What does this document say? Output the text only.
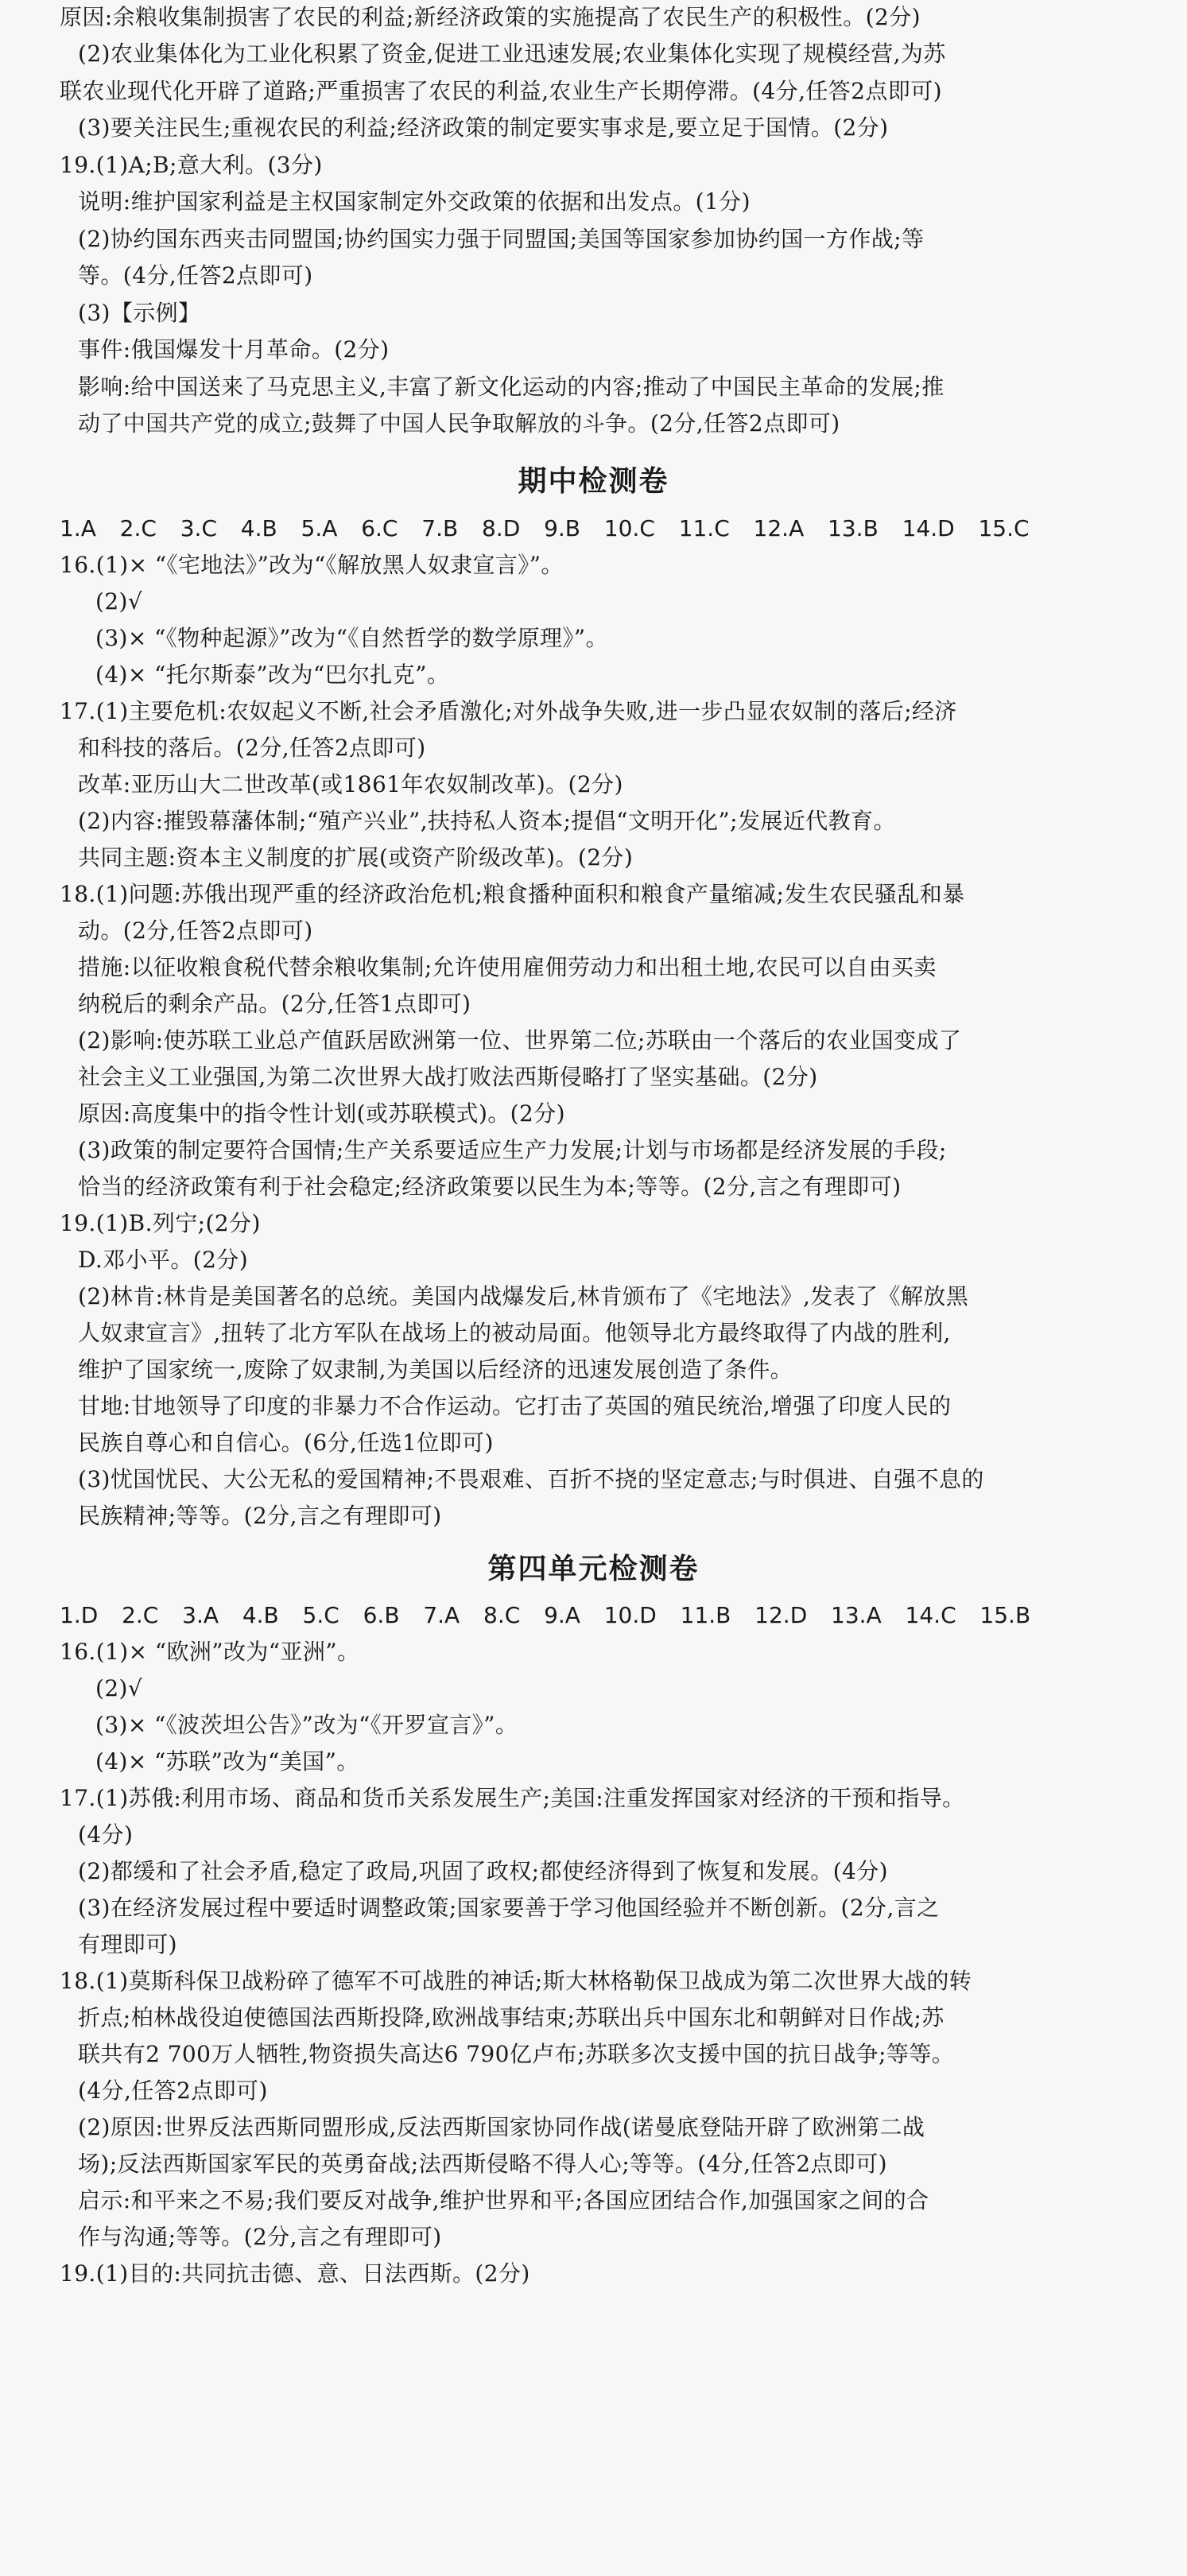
原因:余粮收集制损害了农民的利益;新经济政策的实施提高了农民生产的积极性。(2分)
(2)农业集体化为工业化积累了资金,促进工业迅速发展;农业集体化实现了规模经营,为苏
联农业现代化开辟了道路;严重损害了农民的利益,农业生产长期停滞。(4分,任答2点即可)
(3)要关注民生;重视农民的利益;经济政策的制定要实事求是,要立足于国情。(2分)
19.(1)A;B;意大利。(3分)
说明:维护国家利益是主权国家制定外交政策的依据和出发点。(1分)
(2)协约国东西夹击同盟国;协约国实力强于同盟国;美国等国家参加协约国一方作战;等
等。(4分,任答2点即可)
(3)【示例】
事件:俄国爆发十月革命。(2分)
影响:给中国送来了马克思主义,丰富了新文化运动的内容;推动了中国民主革命的发展;推
动了中国共产党的成立;鼓舞了中国人民争取解放的斗争。(2分,任答2点即可)
期中检测卷
1.A  2.C  3.C  4.B  5.A  6.C  7.B  8.D  9.B  10.C  11.C  12.A  13.B  14.D  15.C
16.(1)× “《宅地法》”改为“《解放黑人奴隶宣言》”。
(2)√
(3)× “《物种起源》”改为“《自然哲学的数学原理》”。
(4)× “托尔斯泰”改为“巴尔扎克”。
17.(1)主要危机:农奴起义不断,社会矛盾激化;对外战争失败,进一步凸显农奴制的落后;经济
和科技的落后。(2分,任答2点即可)
改革:亚历山大二世改革(或1861年农奴制改革)。(2分)
(2)内容:摧毁幕藩体制;“殖产兴业”,扶持私人资本;提倡“文明开化”;发展近代教育。
共同主题:资本主义制度的扩展(或资产阶级改革)。(2分)
18.(1)问题:苏俄出现严重的经济政治危机;粮食播种面积和粮食产量缩减;发生农民骚乱和暴
动。(2分,任答2点即可)
措施:以征收粮食税代替余粮收集制;允许使用雇佣劳动力和出租土地,农民可以自由买卖
纳税后的剩余产品。(2分,任答1点即可)
(2)影响:使苏联工业总产值跃居欧洲第一位、世界第二位;苏联由一个落后的农业国变成了
社会主义工业强国,为第二次世界大战打败法西斯侵略打了坚实基础。(2分)
原因:高度集中的指令性计划(或苏联模式)。(2分)
(3)政策的制定要符合国情;生产关系要适应生产力发展;计划与市场都是经济发展的手段;
恰当的经济政策有利于社会稳定;经济政策要以民生为本;等等。(2分,言之有理即可)
19.(1)B.列宁;(2分)
D.邓小平。(2分)
(2)林肯:林肯是美国著名的总统。美国内战爆发后,林肯颁布了《宅地法》,发表了《解放黑
人奴隶宣言》,扭转了北方军队在战场上的被动局面。他领导北方最终取得了内战的胜利,
维护了国家统一,废除了奴隶制,为美国以后经济的迅速发展创造了条件。
甘地:甘地领导了印度的非暴力不合作运动。它打击了英国的殖民统治,增强了印度人民的
民族自尊心和自信心。(6分,任选1位即可)
(3)忧国忧民、大公无私的爱国精神;不畏艰难、百折不挠的坚定意志;与时俱进、自强不息的
民族精神;等等。(2分,言之有理即可)
第四单元检测卷
1.D  2.C  3.A  4.B  5.C  6.B  7.A  8.C  9.A  10.D  11.B  12.D  13.A  14.C  15.B
16.(1)× “欧洲”改为“亚洲”。
(2)√
(3)× “《波茨坦公告》”改为“《开罗宣言》”。
(4)× “苏联”改为“美国”。
17.(1)苏俄:利用市场、商品和货币关系发展生产;美国:注重发挥国家对经济的干预和指导。
(4分)
(2)都缓和了社会矛盾,稳定了政局,巩固了政权;都使经济得到了恢复和发展。(4分)
(3)在经济发展过程中要适时调整政策;国家要善于学习他国经验并不断创新。(2分,言之
有理即可)
18.(1)莫斯科保卫战粉碎了德军不可战胜的神话;斯大林格勒保卫战成为第二次世界大战的转
折点;柏林战役迫使德国法西斯投降,欧洲战事结束;苏联出兵中国东北和朝鲜对日作战;苏
联共有2 700万人牺牲,物资损失高达6 790亿卢布;苏联多次支援中国的抗日战争;等等。
(4分,任答2点即可)
(2)原因:世界反法西斯同盟形成,反法西斯国家协同作战(诺曼底登陆开辟了欧洲第二战
场);反法西斯国家军民的英勇奋战;法西斯侵略不得人心;等等。(4分,任答2点即可)
启示:和平来之不易;我们要反对战争,维护世界和平;各国应团结合作,加强国家之间的合
作与沟通;等等。(2分,言之有理即可)
19.(1)目的:共同抗击德、意、日法西斯。(2分)
